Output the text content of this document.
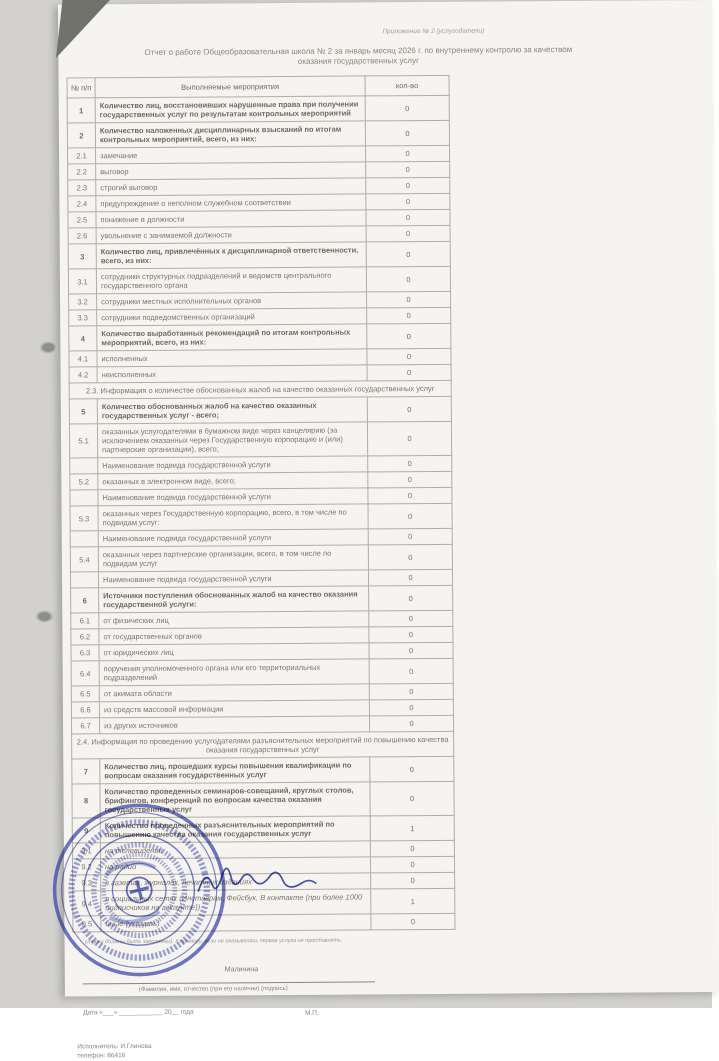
Приложение № 2 (услугодатели)
Отчет о работе Общеобразовательная школа № 2 за январь месяц 2026 г. по внутреннему контролю за качеством
оказания государственных услуг
№ п/п	Выполняемые мероприятия	кол-во
1	Количество лиц, восстановивших нарушенные права при получении государственных услуг по результатам контрольных мероприятий	0
2	Количество наложенных дисциплинарных взысканий по итогам контрольных мероприятий, всего, из них:	0
2.1	замечание	0
2.2	выговор	0
2.3	строгий выговор	0
2.4	предупреждение о неполном служебном соответствии	0
2.5	понижение в должности	0
2.6	увольнение с занимаемой должности	0
3	Количество лиц, привлечённых к дисциплинарной ответственности, всего, из них:	0
3.1	сотрудники структурных подразделений и ведомств центрального государственного органа	0
3.2	сотрудники местных исполнительных органов	0
3.3	сотрудники подведомственных организаций	0
4	Количество выработанных рекомендаций по итогам контрольных мероприятий, всего, из них:	0
4.1	исполненных	0
4.2	неисполненных	0
2.3. Информация о количестве обоснованных жалоб на качество оказанных государственных услуг		
5	Количество обоснованных жалоб на качество оказанных государственных услуг - всего;	0
5.1	оказанных услугодателями в бумажном виде через канцелярию (за исключением оказанных через Государственную корпорацию и (или) партнерские организации), всего;	0
	Наименование подвида государственной услуги	0
5.2	оказанных в электронном виде, всего;	0
	Наименование подвида государственной услуги	0
5.3	оказанных через Государственную корпорацию, всего, в том числе по подвидам услуг:	0
	Наименование подвида государственной услуги	0
5.4	оказанных через партнерские организации, всего, в том числе по подвидам услуг	0
	Наименование подвида государственной услуги	0
6	Источники поступления обоснованных жалоб на качество оказания государственной услуги:	0
6.1	от физических лиц	0
6.2	от государственных органов	0
6.3	от юридических лиц	0
6.4	поручения уполномоченного органа или его территориальных подразделений	0
6.5	от акимата области	0
6.6	из средств массовой информации	0
6.7	из других источников	0
2.4. Информация по проведению услугодателями разъяснительных мероприятий по повышению качества оказания государственных услуг		
7	Количество лиц, прошедших курсы повышения квалификации по вопросам оказания государственных услуг	0
8	Количество проведенных семинаров-совещаний, круглых столов, брифингов, конференций по вопросам качества оказания государственных услуг	0
9	Количество проведенных разъяснительных мероприятий по повышению качества оказания государственных услуг	1
9.1	на телевидении	0
9.2	на радио	0
9.3	в газетах, журналах, печатных изданиях	0
9.4	в социальных сетях (Инстаграм, Фейсбук, В контакте (при более 1000 подписчиков на аккаунте))	1
9.5	иные (указать)	0
строки должны быть заполнены). К примеру, если не оказывалась первая услуга не проставлять.
Малинина
(Фамилия, имя, отчество (при его наличии) (подпись)
Дата «___» ____________ 20__ года	М.П.
Исполнитель: И.Глинова
телефон: 86416
